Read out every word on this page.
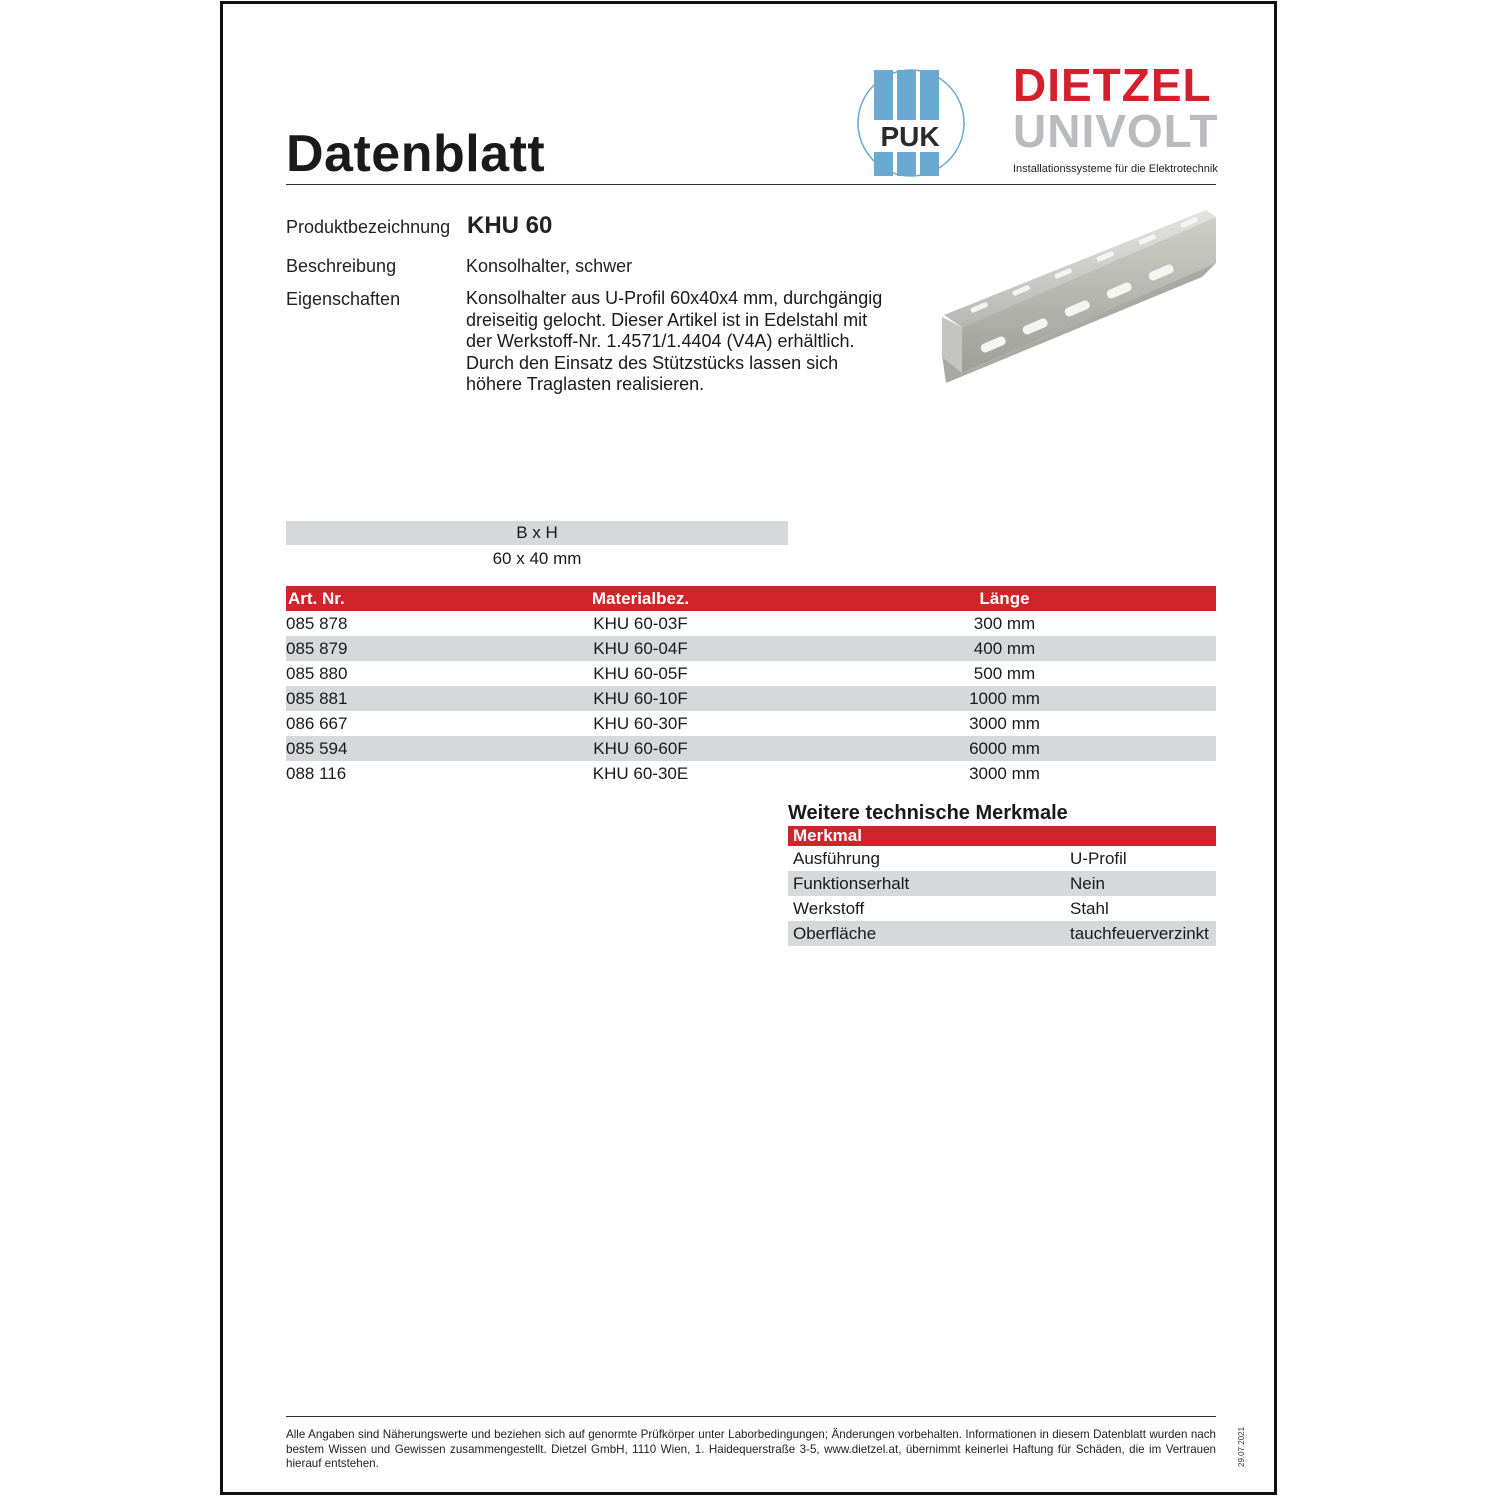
Datenblatt	PUK
DIETZEL
UNIVOLT
Installationssysteme für die Elektrotechnik
Produktbezeichnung KHU 60
Beschreibung	Konsolhalter, schwer
Eigenschaften	Konsolhalter aus U-Profil 60x40x4 mm, durchgängig dreiseitig gelocht. Dieser Artikel ist in Edelstahl mit der Werkstoff-Nr. 1.4571/1.4404 (V4A) erhältlich. Durch den Einsatz des Stützstücks lassen sich höhere Traglasten realisieren.
B x H
60 x 40 mm
Art. Nr.	Materialbez.	Länge
085 878	KHU 60-03F	300 mm
085 879	KHU 60-04F	400 mm
085 880	KHU 60-05F	500 mm
085 881	KHU 60-10F	1000 mm
086 667	KHU 60-30F	3000 mm
085 594	KHU 60-60F	6000 mm
088 116	KHU 60-30E	3000 mm
Weitere technische Merkmale
Merkmal	
Ausführung	U-Profil
Funktionserhalt	Nein
Werkstoff	Stahl
Oberfläche	tauchfeuerverzinkt
Alle Angaben sind Näherungswerte und beziehen sich auf genormte Prüfkörper unter Laborbedingungen; Änderungen vorbehalten. Informationen in diesem Datenblatt wurden nach bestem Wissen und Gewissen zusammengestellt. Dietzel GmbH, 1110 Wien, 1. Haidequerstraße 3-5, www.dietzel.at, übernimmt keinerlei Haftung für Schäden, die im Vertrauen hierauf entstehen.	29.07.2021
